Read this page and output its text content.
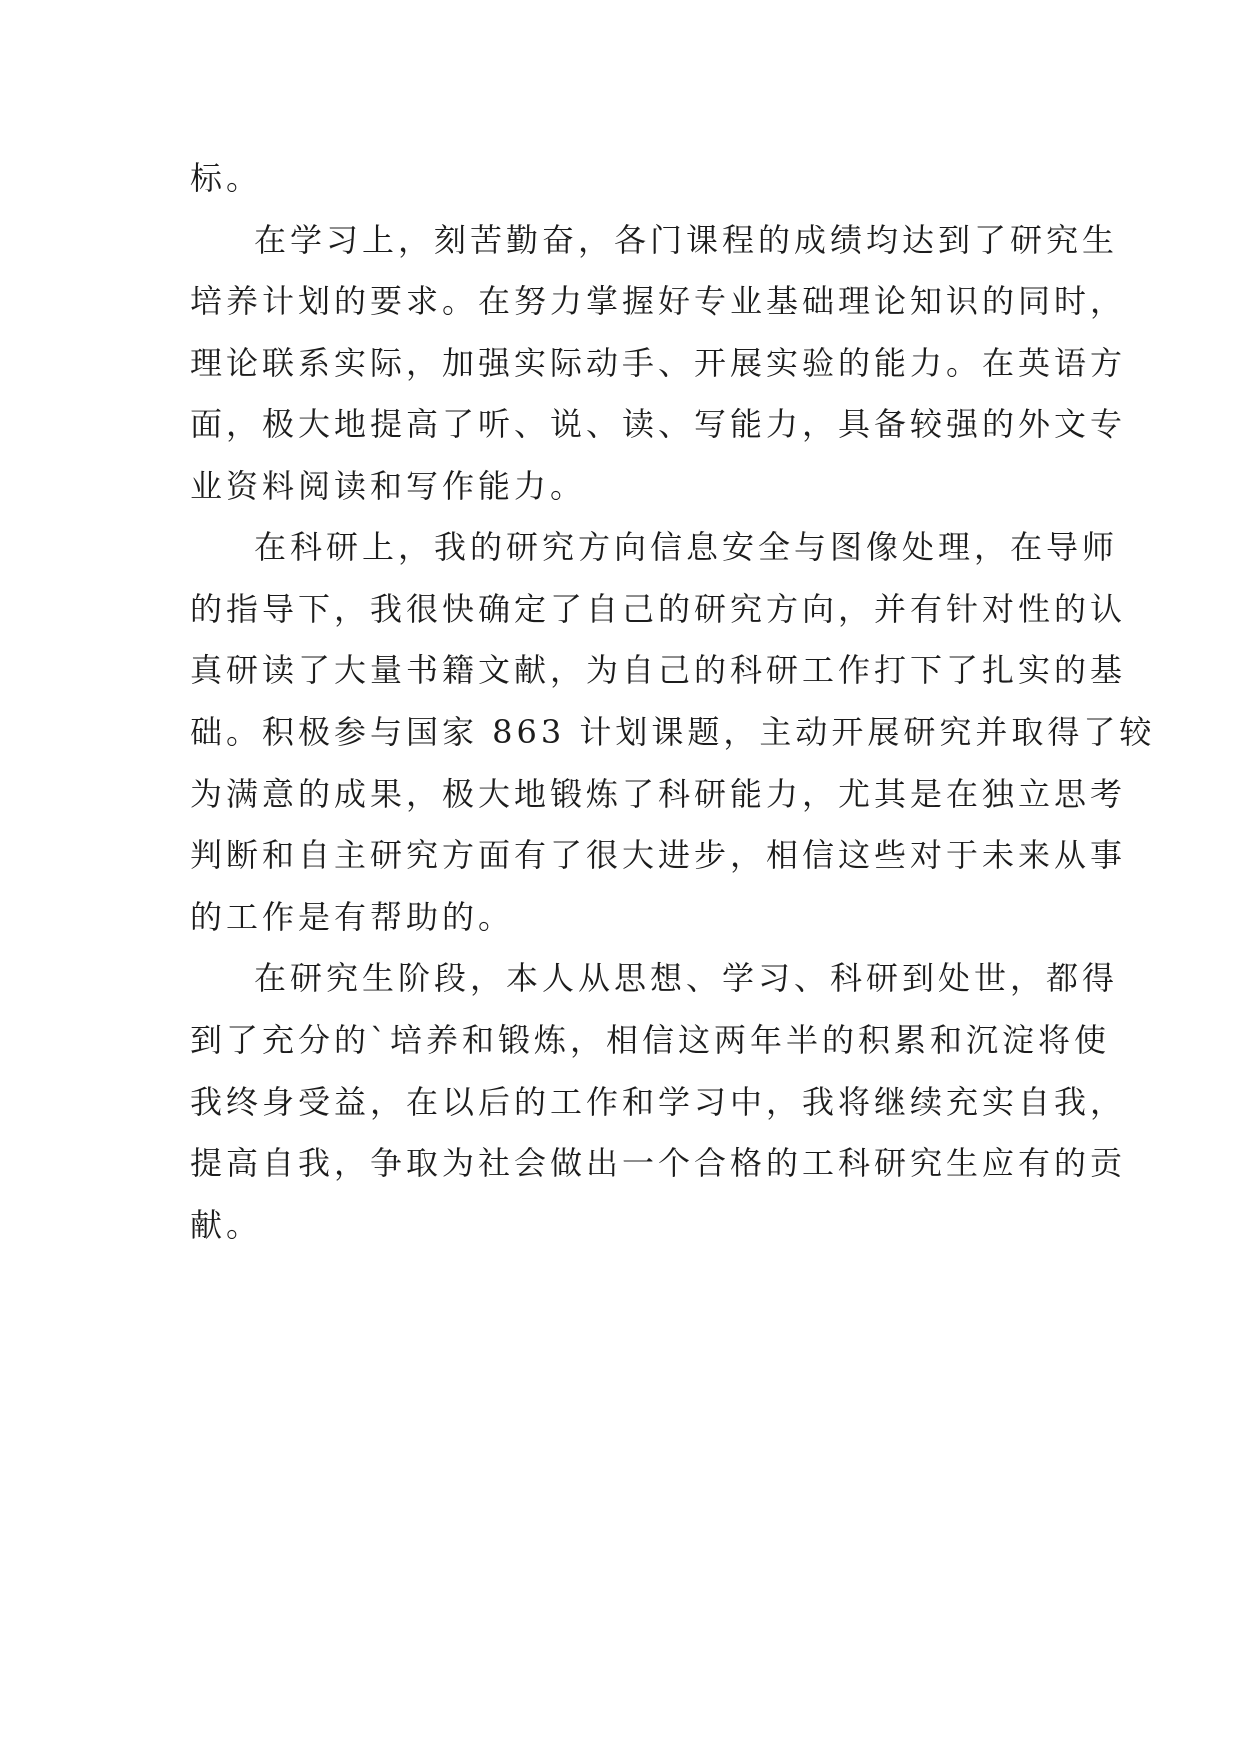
标。
在学习上，刻苦勤奋，各门课程的成绩均达到了研究生
培养计划的要求。在努力掌握好专业基础理论知识的同时，
理论联系实际，加强实际动手、开展实验的能力。在英语方
面，极大地提高了听、说、读、写能力，具备较强的外文专
业资料阅读和写作能力。
在科研上，我的研究方向信息安全与图像处理，在导师
的指导下，我很快确定了自己的研究方向，并有针对性的认
真研读了大量书籍文献，为自己的科研工作打下了扎实的基
础。积极参与国家 863 计划课题，主动开展研究并取得了较
为满意的成果，极大地锻炼了科研能力，尤其是在独立思考
判断和自主研究方面有了很大进步，相信这些对于未来从事
的工作是有帮助的。
在研究生阶段，本人从思想、学习、科研到处世，都得
到了充分的`培养和锻炼，相信这两年半的积累和沉淀将使
我终身受益，在以后的工作和学习中，我将继续充实自我，
提高自我，争取为社会做出一个合格的工科研究生应有的贡
献。
